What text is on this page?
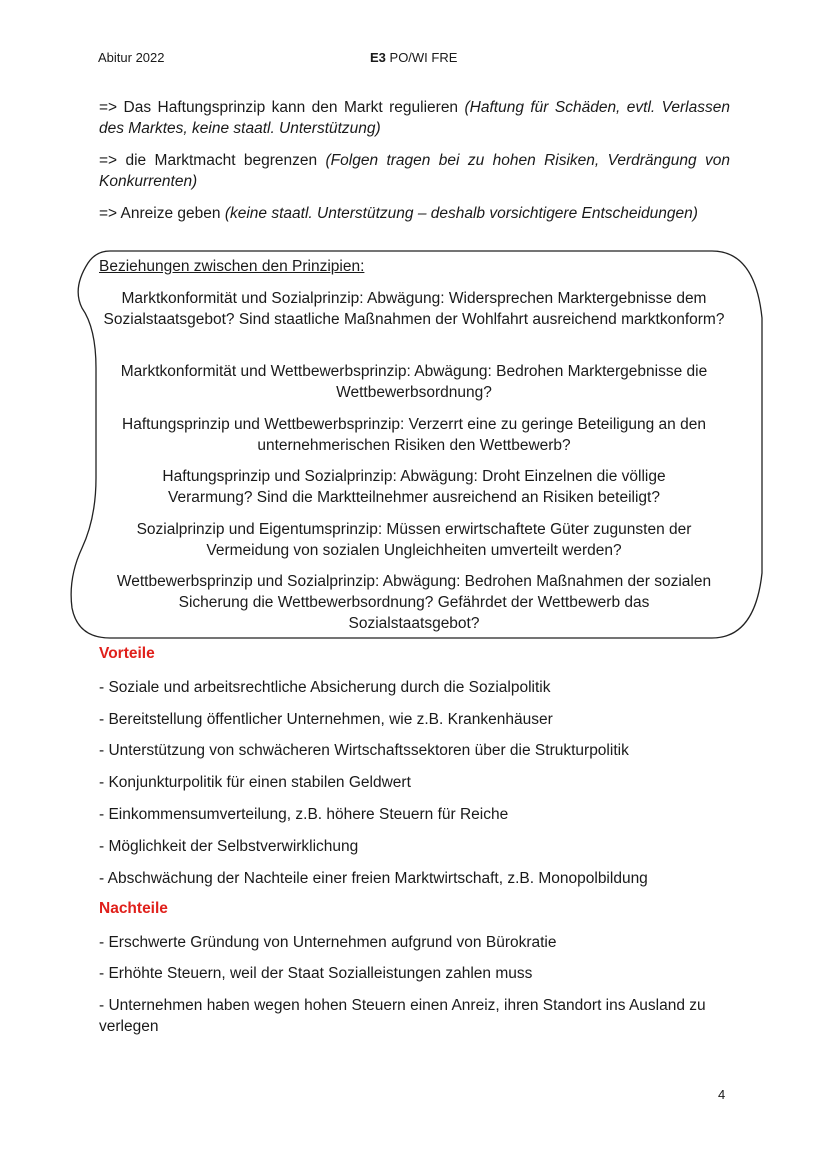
Abitur 2022	E3 PO/WI FRE
=> Das Haftungsprinzip kann den Markt regulieren (Haftung für Schäden, evtl. Verlassen des Marktes, keine staatl. Unterstützung)
=> die Marktmacht begrenzen (Folgen tragen bei zu hohen Risiken, Verdrängung von Konkurrenten)
=> Anreize geben (keine staatl. Unterstützung – deshalb vorsichtigere Entscheidungen)
Beziehungen zwischen den Prinzipien:
Marktkonformität und Sozialprinzip: Abwägung: Widersprechen Marktergebnisse dem Sozialstaatsgebot? Sind staatliche Maßnahmen der Wohlfahrt ausreichend marktkonform?
Marktkonformität und Wettbewerbsprinzip: Abwägung: Bedrohen Marktergebnisse die Wettbewerbsordnung?
Haftungsprinzip und Wettbewerbsprinzip: Verzerrt eine zu geringe Beteiligung an den unternehmerischen Risiken den Wettbewerb?
Haftungsprinzip und Sozialprinzip: Abwägung: Droht Einzelnen die völlige Verarmung? Sind die Marktteilnehmer ausreichend an Risiken beteiligt?
Sozialprinzip und Eigentumsprinzip: Müssen erwirtschaftete Güter zugunsten der Vermeidung von sozialen Ungleichheiten umverteilt werden?
Wettbewerbsprinzip und Sozialprinzip: Abwägung: Bedrohen Maßnahmen der sozialen Sicherung die Wettbewerbsordnung? Gefährdet der Wettbewerb das Sozialstaatsgebot?
Vorteile
- Soziale und arbeitsrechtliche Absicherung durch die Sozialpolitik
- Bereitstellung öffentlicher Unternehmen, wie z.B. Krankenhäuser
- Unterstützung von schwächeren Wirtschaftssektoren über die Strukturpolitik
- Konjunkturpolitik für einen stabilen Geldwert
- Einkommensumverteilung, z.B. höhere Steuern für Reiche
- Möglichkeit der Selbstverwirklichung
- Abschwächung der Nachteile einer freien Marktwirtschaft, z.B. Monopolbildung
Nachteile
- Erschwerte Gründung von Unternehmen aufgrund von Bürokratie
- Erhöhte Steuern, weil der Staat Sozialleistungen zahlen muss
- Unternehmen haben wegen hohen Steuern einen Anreiz, ihren Standort ins Ausland zu verlegen
4
